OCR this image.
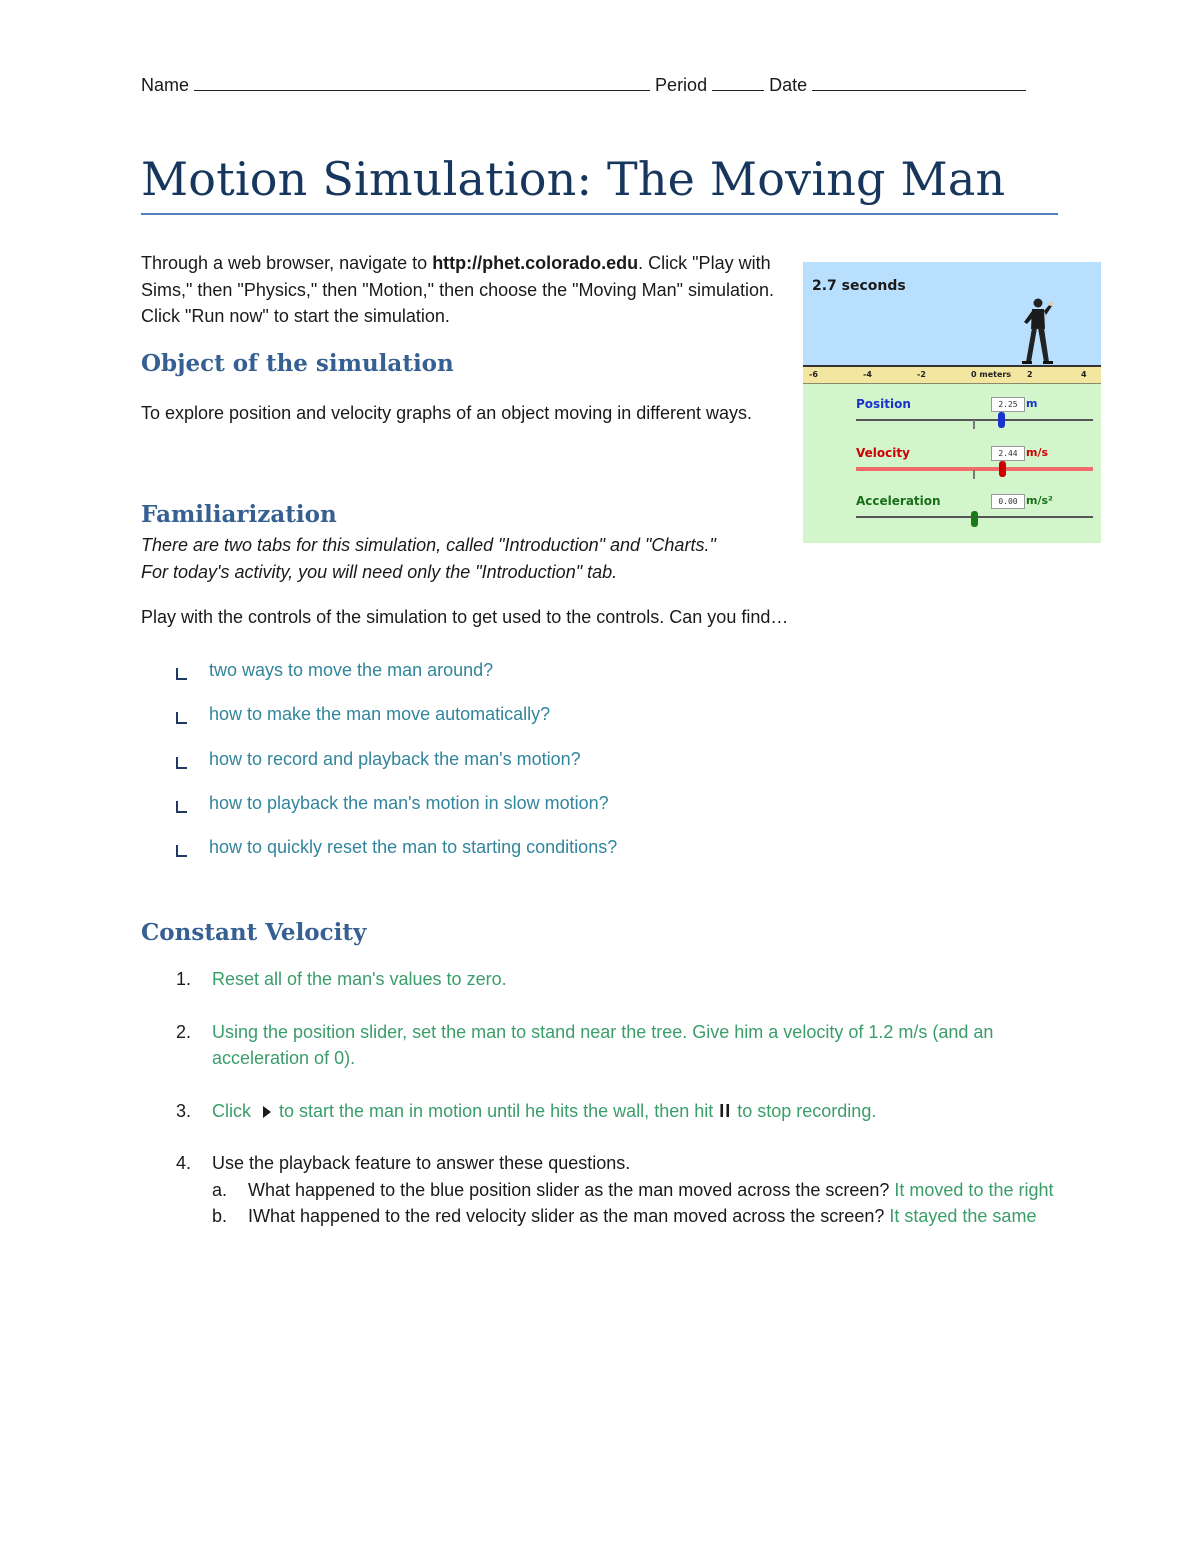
Name	Period	Date
Motion Simulation: The Moving Man
Through a web browser, navigate to http://phet.colorado.edu. Click "Play with Sims," then "Physics," then "Motion," then choose the "Moving Man" simulation. Click "Run now" to start the simulation.
Object of the simulation
To explore position and velocity graphs of an object moving in different ways.
Familiarization
There are two tabs for this simulation, called "Introduction" and "Charts."
For today's activity, you will need only the "Introduction" tab.
Play with the controls of the simulation to get used to the controls. Can you find…
two ways to move the man around?
how to make the man move automatically?
how to record and playback the man's motion?
how to playback the man's motion in slow motion?
how to quickly reset the man to starting conditions?
Constant Velocity
1.	Reset all of the man's values to zero.
2.	Using the position slider, set the man to stand near the tree. Give him a velocity of 1.2 m/s (and an acceleration of 0).
3.	Click to start the man in motion until he hits the wall, then hit II to stop recording.
4.	Use the playback feature to answer these questions.
a.	What happened to the blue position slider as the man moved across the screen? It moved to the right
b.	IWhat happened to the red velocity slider as the man moved across the screen? It stayed the same
2.7 seconds
-6	-4	-2	0 meters 2	4
Position	2.25 m
Velocity	2.44 m/s
Acceleration	0.00 m/s²
